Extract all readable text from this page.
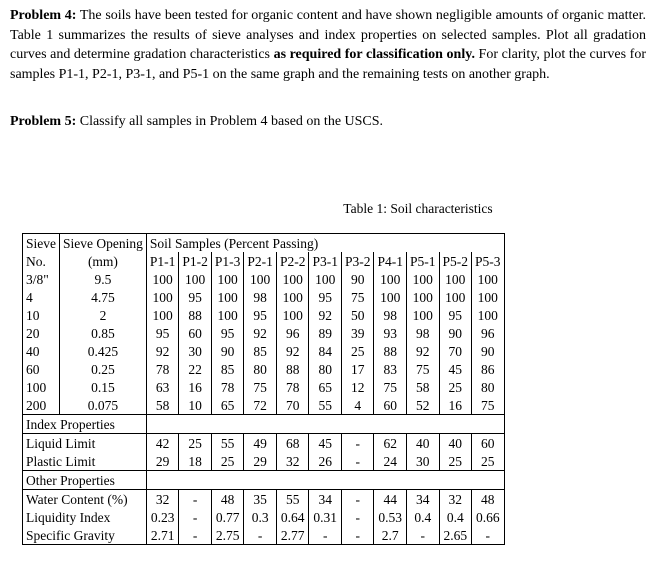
Problem 4: The soils have been tested for organic content and have shown negligible amounts of organic matter. Table 1 summarizes the results of sieve analyses and index properties on selected samples. Plot all gradation curves and determine gradation characteristics as required for classification only. For clarity, plot the curves for samples P1-1, P2-1, P3-1, and P5-1 on the same graph and the remaining tests on another graph.
Problem 5: Classify all samples in Problem 4 based on the USCS.
Table 1: Soil characteristics
Sieve	Sieve Opening	Soil Samples (Percent Passing)										
No.	(mm)	P1-1	P1-2	P1-3	P2-1	P2-2	P3-1	P3-2	P4-1	P5-1	P5-2	P5-3
3/8"	9.5	100	100	100	100	100	100	90	100	100	100	100
4	4.75	100	95	100	98	100	95	75	100	100	100	100
10	2	100	88	100	95	100	92	50	98	100	95	100
20	0.85	95	60	95	92	96	89	39	93	98	90	96
40	0.425	92	30	90	85	92	84	25	88	92	70	90
60	0.25	78	22	85	80	88	80	17	83	75	45	86
100	0.15	63	16	78	75	78	65	12	75	58	25	80
200	0.075	58	10	65	72	70	55	4	60	52	16	75
Index Properties												
Liquid Limit		42	25	55	49	68	45	-	62	40	40	60
Plastic Limit		29	18	25	29	32	26	-	24	30	25	25
Other Properties												
Water Content (%)		32	-	48	35	55	34	-	44	34	32	48
Liquidity Index		0.23	-	0.77	0.3	0.64	0.31	-	0.53	0.4	0.4	0.66
Specific Gravity		2.71	-	2.75	-	2.77	-	-	2.7	-	2.65	-
